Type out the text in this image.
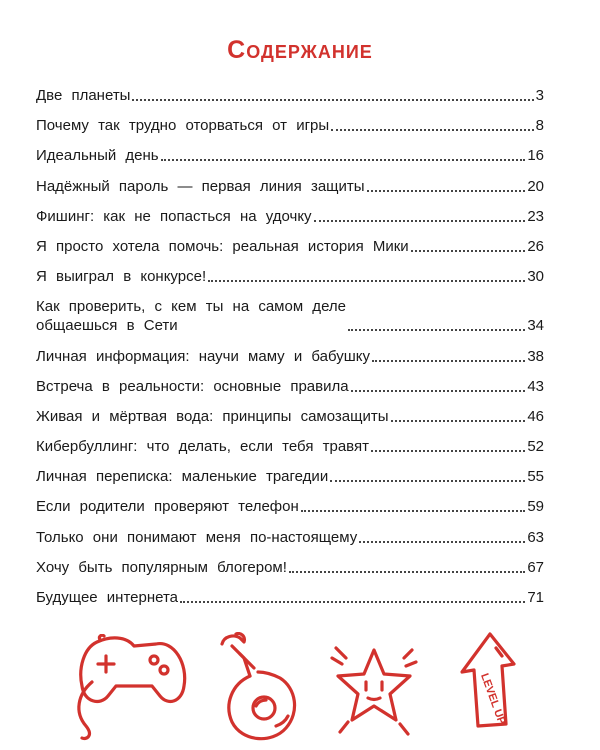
Содержание
Две планеты	3
Почему так трудно оторваться от игры	8
Идеальный день	16
Надёжный пароль — первая линия защиты	20
Фишинг: как не попасться на удочку	23
Я просто хотела помочь: реальная история Мики	26
Я выиграл в конкурсе!	30
Как проверить, с кем ты на самом деле
общаешься в Сети	34
Личная информация: научи маму и бабушку	38
Встреча в реальности: основные правила	43
Живая и мёртвая вода: принципы самозащиты	46
Кибербуллинг: что делать, если тебя травят	52
Личная переписка: маленькие трагедии	55
Если родители проверяют телефон	59
Только они понимают меня по-настоящему	63
Хочу быть популярным блогером!	67
Будущее интернета	71
LEVEL UP
